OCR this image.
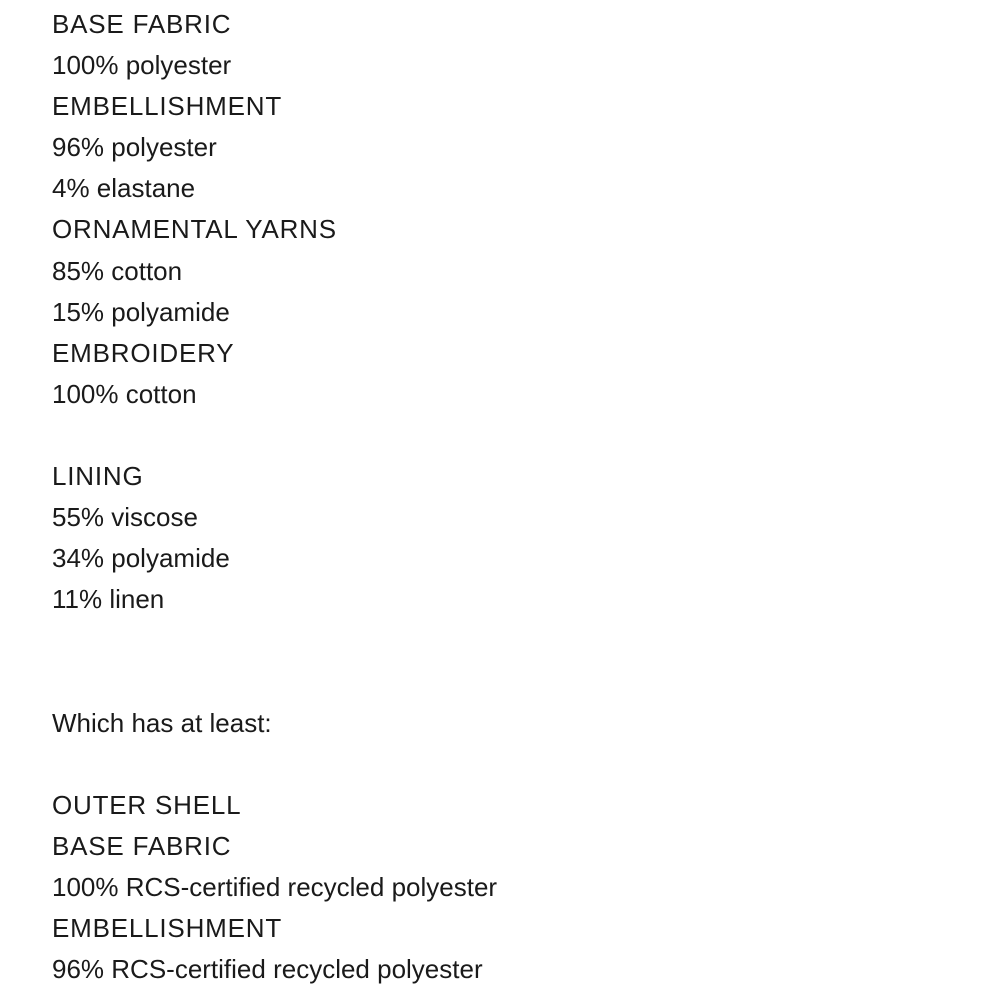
BASE FABRIC
100% polyester
EMBELLISHMENT
96% polyester
4% elastane
ORNAMENTAL YARNS
85% cotton
15% polyamide
EMBROIDERY
100% cotton
LINING
55% viscose
34% polyamide
11% linen
Which has at least:
OUTER SHELL
BASE FABRIC
100% RCS-certified recycled polyester
EMBELLISHMENT
96% RCS-certified recycled polyester
